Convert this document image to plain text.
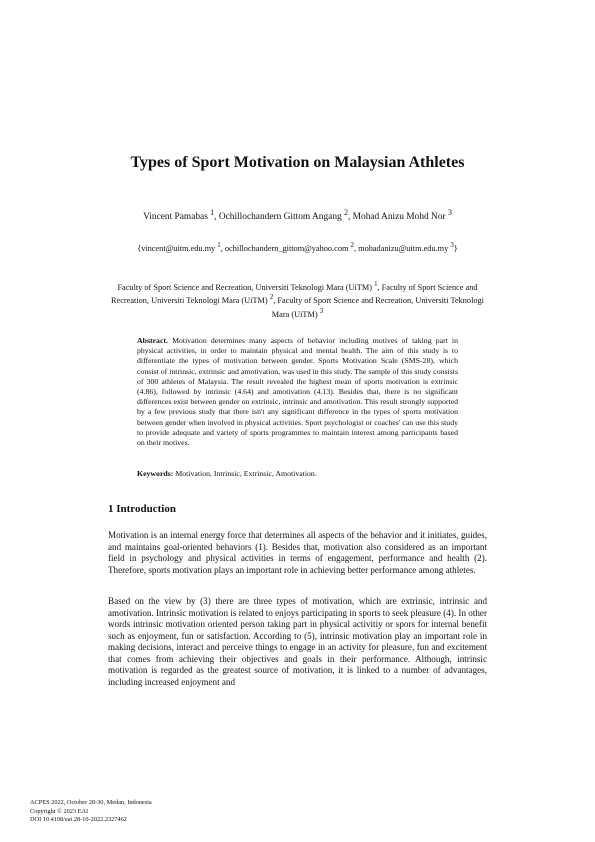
Types of Sport Motivation on Malaysian Athletes
Vincent Pamabas $^1$, Ochillochandern Gittom Angang $^2$, Mohad Anizu Mohd Nor $^3$
{vincent@uitm.edu.my $^1$, ochillochandern_gittom@yahoo.com $^2$, mohadanizu@uitm.edu.my $^3$}
Faculty of Sport Science and Recreation, Universiti Teknologi Mara (UiTM) $^1$, Faculty of Sport Science and Recreation, Universiti Teknologi Mara (UiTM) $^2$, Faculty of Sport Science and Recreation, Universiti Teknologi Mara (UiTM) $^3$
Abstract. Motivation determines many aspects of behavior including motives of taking part in physical activities, in order to maintain physical and mental health. The aim of this study is to differentiate the types of motivation between gender. Sports Motivation Scale (SMS-28), which consist of intrinsic, extrinsic and amotivation, was used in this study. The sample of this study consists of 300 athletes of Malaysia. The result revealed the highest mean of sports motivation is extrinsic (4.86), followed by intrinsic (4.64) and amotivation (4.13). Besides that, there is no significant differences exist between gender on extrinsic, intrinsic and amotivation. This result strongly supported by a few previous study that there isn't any significant difference in the types of sports motivation between gender when involved in physical activities. Sport psychologist or coaches' can use this study to provide adequate and variety of sports programmes to maintain interest among participants based on their motives.
Keywords: Motivation, Intrinsic, Extrinsic, Amotivation.
1 Introduction

Motivation is an internal energy force that determines all aspects of the behavior and it initiates, guides, and maintains goal-oriented behaviors (1). Besides that, motivation also considered as an important field in psychology and physical activities in terms of engagement, performance and health (2). Therefore, sports motivation plays an important role in achieving better performance among athletes.

Based on the view by (3) there are three types of motivation, which are extrinsic, intrinsic and amotivation. Intrinsic motivation is related to enjoys participating in sports to seek pleasure (4). In other words intrinsic motivation oriented person taking part in physical activitiy or spors for internal benefit such as enjoyment, fun or satisfaction. According to (5), intrinsic motivation play an important role in making decisions, interact and perceive things to engage in an activity for pleasure, fun and excitement that comes from achieving their objectives and goals in their performance. Although, intrinsic motivation is regarded as the greatest source of motivation, it is linked to a number of advantages, including increased enjoyment and

ACPES 2022, October 28-30, Medan, Indonesia
Copyright © 2023 EAI
DOI 10.4108/eai.28-10-2022.2327462
